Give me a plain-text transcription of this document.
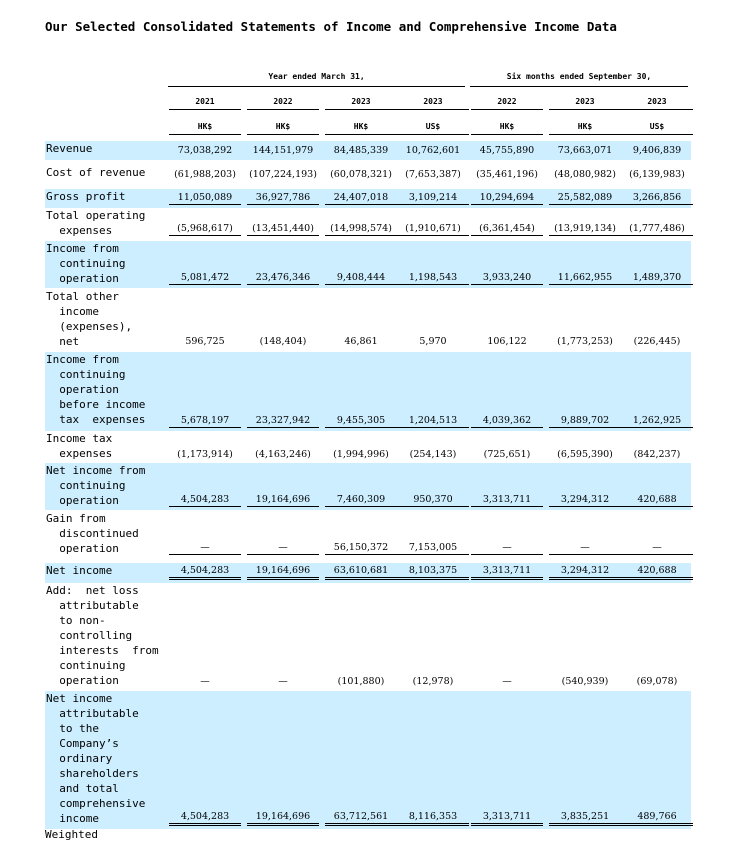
Our Selected Consolidated Statements of Income and Comprehensive Income Data
Year ended March 31,	Six months ended September 30,
2021	2022	2023	2023	2022	2023	2023
HK$	HK$	HK$	US$	HK$	HK$	US$
Revenue	73,038,292	144,151,979	84,485,339	10,762,601	45,755,890	73,663,071	9,406,839
Cost of revenue	(61,988,203)	(107,224,193)	(60,078,321)	(7,653,387)	(35,461,196)	(48,080,982)	(6,139,983)
Gross profit	11,050,089	36,927,786	24,407,018	3,109,214	10,294,694	25,582,089	3,266,856
Total operating
expenses	(5,968,617)	(13,451,440)	(14,998,574)	(1,910,671)	(6,361,454)	(13,919,134)	(1,777,486)
Income from
continuing
operation	5,081,472	23,476,346	9,408,444	1,198,543	3,933,240	11,662,955	1,489,370
Total other
income
(expenses),
net	596,725	(148,404)	46,861	5,970	106,122	(1,773,253)	(226,445)
Income from
continuing
operation
before income
tax  expenses	5,678,197	23,327,942	9,455,305	1,204,513	4,039,362	9,889,702	1,262,925
Income tax
expenses	(1,173,914)	(4,163,246)	(1,994,996)	(254,143)	(725,651)	(6,595,390)	(842,237)
Net income from
continuing
operation	4,504,283	19,164,696	7,460,309	950,370	3,313,711	3,294,312	420,688
Gain from
discontinued
operation	—	—	56,150,372	7,153,005	—	—	—
Net income	4,504,283	19,164,696	63,610,681	8,103,375	3,313,711	3,294,312	420,688
Add:  net loss
attributable
to non-
controlling
interests  from
continuing
operation	—	—	(101,880)	(12,978)	—	(540,939)	(69,078)
Net income
attributable
to the
Company’s
ordinary
shareholders
and total
comprehensive
income	4,504,283	19,164,696	63,712,561	8,116,353	3,313,711	3,835,251	489,766
Weighted
